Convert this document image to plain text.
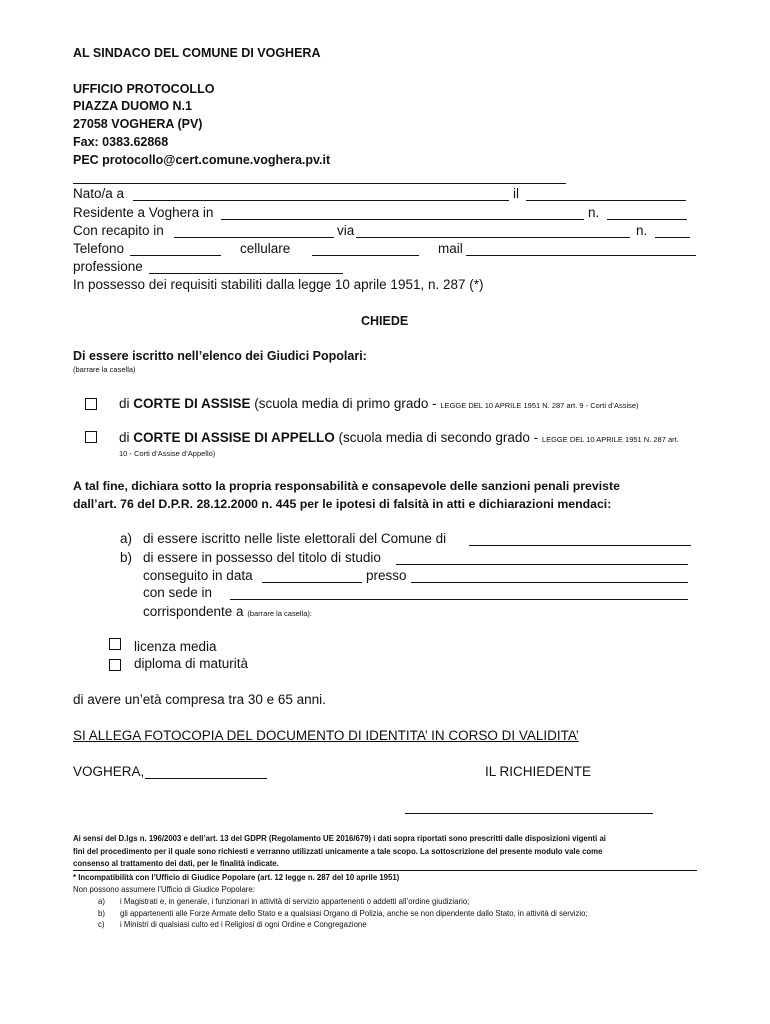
AL SINDACO DEL COMUNE DI VOGHERA
UFFICIO PROTOCOLLO
PIAZZA DUOMO N.1
27058 VOGHERA (PV)
Fax: 0383.62868
PEC protocollo@cert.comune.voghera.pv.it
Nato/a a	il
Residente a Voghera in	n.
Con recapito in	via	n.
Telefono	cellulare	mail
professione
In possesso dei requisiti stabiliti dalla legge 10 aprile 1951, n. 287 (*)
CHIEDE
Di essere iscritto nell’elenco dei Giudici Popolari:
(barrare la casella)
di CORTE DI ASSISE (scuola media di primo grado - LEGGE DEL 10 APRILE 1951 N. 287 art. 9 - Corti d’Assise)
di CORTE DI ASSISE DI APPELLO (scuola media di secondo grado - LEGGE DEL 10 APRILE 1951 N. 287 art.
10 - Corti d’Assise d’Appello)
A tal fine, dichiara sotto la propria responsabilità e consapevole delle sanzioni penali previste
dall’art. 76 del D.P.R. 28.12.2000 n. 445 per le ipotesi di falsità in atti e dichiarazioni mendaci:
a) di essere iscritto nelle liste elettorali del Comune di
b) di essere in possesso del titolo di studio
conseguito in data	presso
con sede in
corrispondente a (barrare la casella):
licenza media
diploma di maturità
di avere un’età compresa tra 30 e 65 anni.
SI ALLEGA FOTOCOPIA DEL DOCUMENTO DI IDENTITA’ IN CORSO DI VALIDITA’
VOGHERA,	IL RICHIEDENTE
Ai sensi del D.lgs n. 196/2003 e dell’art. 13 del GDPR (Regolamento UE 2016/679) i dati sopra riportati sono prescritti dalle disposizioni vigenti ai
fini del procedimento per il quale sono richiesti e verranno utilizzati unicamente a tale scopo. La sottoscrizione del presente modulo vale come
consenso al trattamento dei dati, per le finalità indicate.
* Incompatibilità con l’Ufficio di Giudice Popolare (art. 12 legge n. 287 del 10 aprile 1951)
Non possono assumere l’Ufficio di Giudice Popolare:
a) i Magistrati e, in generale, i funzionari in attività di servizio appartenenti o addetti all’ordine giudiziario;
b) gli appartenenti alle Forze Armate dello Stato e a qualsiasi Organo di Polizia, anche se non dipendente dallo Stato, in attività di servizio;
c) i Ministri di qualsiasi culto ed i Religiosi di ogni Ordine e Congregazione
